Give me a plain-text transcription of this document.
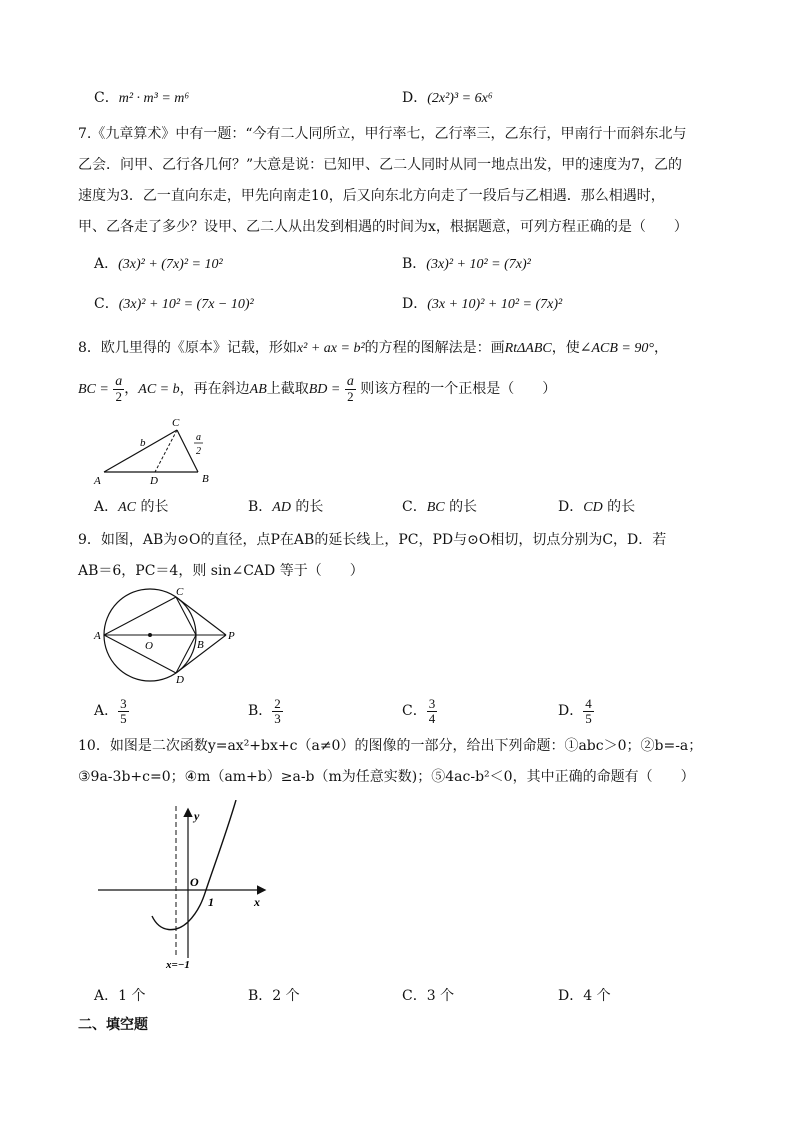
C．m² · m³ = m⁶	D．(2x²)³ = 6x⁶
7.《九章算术》中有一题：“今有二人同所立，甲行率七，乙行率三，乙东行，甲南行十而斜东北与
乙会．问甲、乙行各几何？”大意是说：已知甲、乙二人同时从同一地点出发，甲的速度为7，乙的
速度为3．乙一直向东走，甲先向南走10，后又向东北方向走了一段后与乙相遇．那么相遇时，
甲、乙各走了多少？设甲、乙二人从出发到相遇的时间为x，根据题意，可列方程正确的是（　　）
A．(3x)² + (7x)² = 10²	B．(3x)² + 10² = (7x)²
C．(3x)² + 10² = (7x − 10)²	D．(3x + 10)² + 10² = (7x)²
8．欧几里得的《原本》记载，形如x² + ax = b²的方程的图解法是：画RtΔABC，使∠ACB = 90°，
BC = $\frac{a}{2}$ ，AC = b，再在斜边AB上截取BD = $\frac{a}{2}$ 则该方程的一个正根是（　　）
A	B
C
D
b	a
2
A．AC 的长	B．AD 的长	C．BC 的长	D．CD 的长
9．如图，AB为⊙O的直径，点P在AB的延长线上，PC，PD与⊙O相切，切点分别为C，D．若
AB＝6，PC＝4，则 sin∠CAD 等于（　　）
A
B
C
D
O
P
A． $\frac{3}{5}$	B． $\frac{2}{3}$	C． $\frac{3}{4}$	D． $\frac{4}{5}$
10．如图是二次函数y=ax²+bx+c（a≠0）的图像的一部分，给出下列命题：①abc＞0；②b=-a；
③9a-3b+c=0；④m（am+b）≥a-b（m为任意实数)；⑤4ac-b²＜0，其中正确的命题有（　　）
y
x
O
1
x=−1
A．1 个	B．2 个	C．3 个	D．4 个
二、填空题
